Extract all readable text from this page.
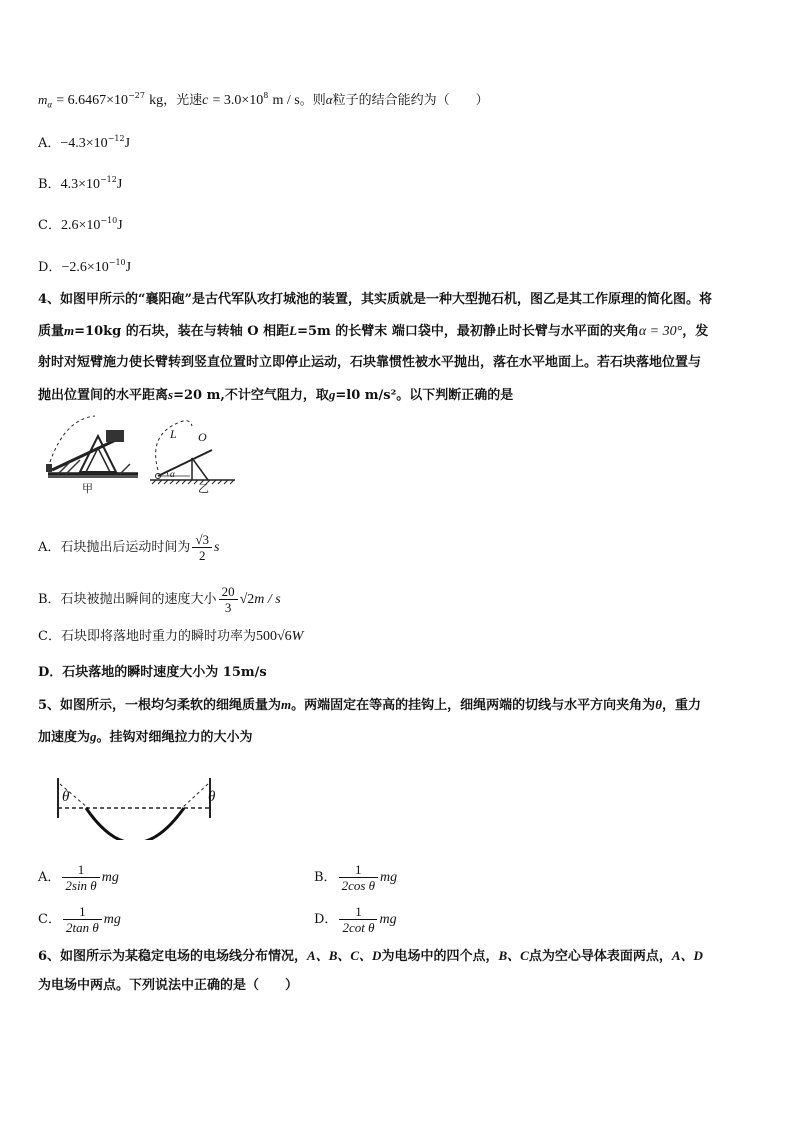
$m_\alpha = 6.6467\times 10^{-27}$ kg，光速$c = 3.0\times 10^8$ m / s。则α粒子的结合能约为（　　）
A．$-4.3\times 10^{-12}J$
B．$4.3\times 10^{-12}J$
C．$2.6\times 10^{-10}J$
D．$-2.6\times 10^{-10}J$
4、如图甲所示的“襄阳砲”是古代军队攻打城池的装置，其实质就是一种大型抛石机，图乙是其工作原理的简化图。将
质量m=10kg 的石块，装在与转轴 O 相距L=5m 的长臂末 端口袋中，最初静止时长臂与水平面的夹角α = 30°，发
射时对短臂施力使长臂转到竖直位置时立即停止运动，石块靠惯性被水平抛出，落在水平地面上。若石块落地位置与
抛出位置间的水平距离s=20 m,不计空气阻力，取g=l0 m/s²。以下判断正确的是
L O
α
甲	乙
A．石块抛出后运动时间为 $\frac{√3}{2}$ s
B．石块被抛出瞬间的速度大小 $\frac{20}{3} √2m$ / s
C．石块即将落地时重力的瞬时功率为500√6W
D．石块落地的瞬时速度大小为 15m/s
5、如图所示，一根均匀柔软的细绳质量为m。两端固定在等高的挂钩上，细绳两端的切线与水平方向夹角为θ，重力
加速度为g。挂钩对细绳拉力的大小为
θ	θ
A． $\frac{1}{\text{2sin θ}}$ mg	B． $\frac{1}{\text{2cos θ}}$ mg
C． $\frac{1}{\text{2tan θ}}$ mg	D． $\frac{1}{\text{2cot θ}}$ mg
6、如图所示为某稳定电场的电场线分布情况，A、B、C、D为电场中的四个点，B、C点为空心导体表面两点，A、D
为电场中两点。下列说法中正确的是（　　）
